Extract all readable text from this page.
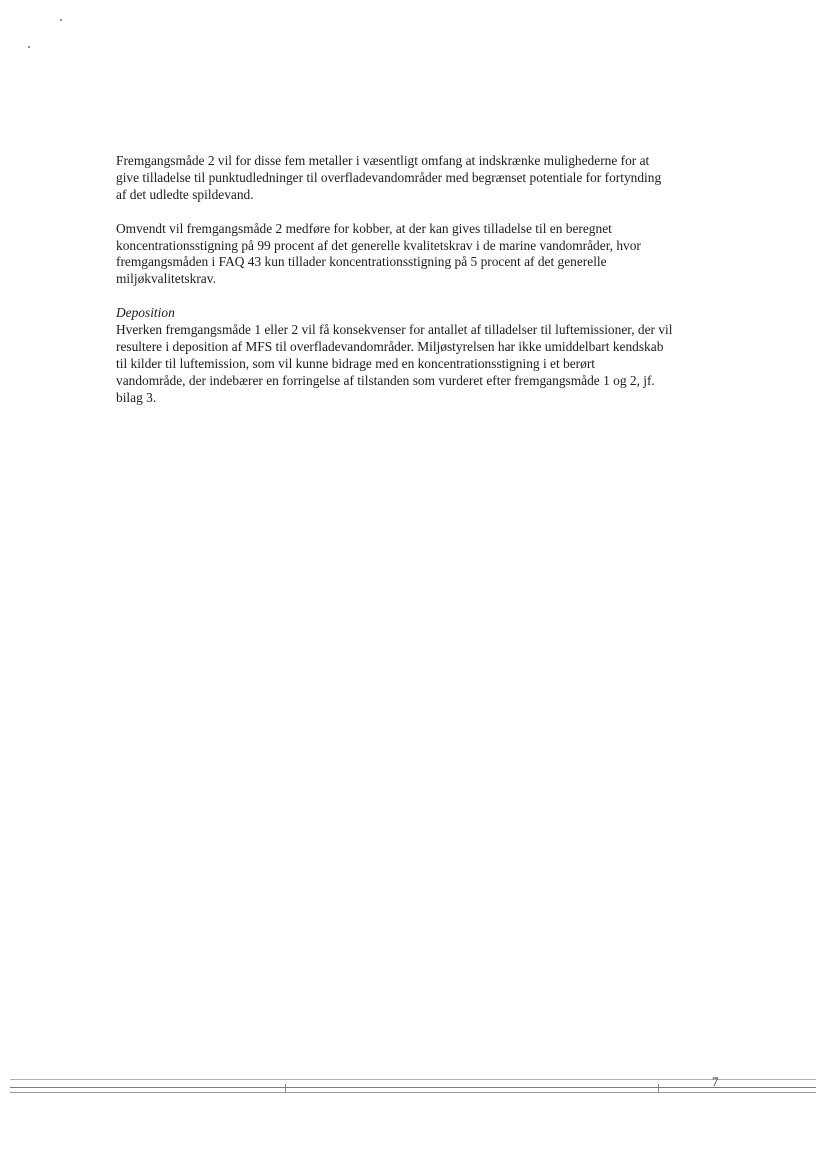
Fremgangsmåde 2 vil for disse fem metaller i væsentligt omfang at indskrænke mulighederne for at

give tilladelse til punktudledninger til overfladevandområder med begrænset potentiale for fortynding

af det udledte spildevand.

Omvendt vil fremgangsmåde 2 medføre for kobber, at der kan gives tilladelse til en beregnet

koncentrationsstigning på 99 procent af det generelle kvalitetskrav i de marine vandområder, hvor

fremgangsmåden i FAQ 43 kun tillader koncentrationsstigning på 5 procent af det generelle

miljøkvalitetskrav.

Deposition

Hverken fremgangsmåde 1 eller 2 vil få konsekvenser for antallet af tilladelser til luftemissioner, der vil

resultere i deposition af MFS til overfladevandområder. Miljøstyrelsen har ikke umiddelbart kendskab

til kilder til luftemission, som vil kunne bidrage med en koncentrationsstigning i et berørt

vandområde, der indebærer en forringelse af tilstanden som vurderet efter fremgangsmåde 1 og 2, jf.

bilag 3.

7
